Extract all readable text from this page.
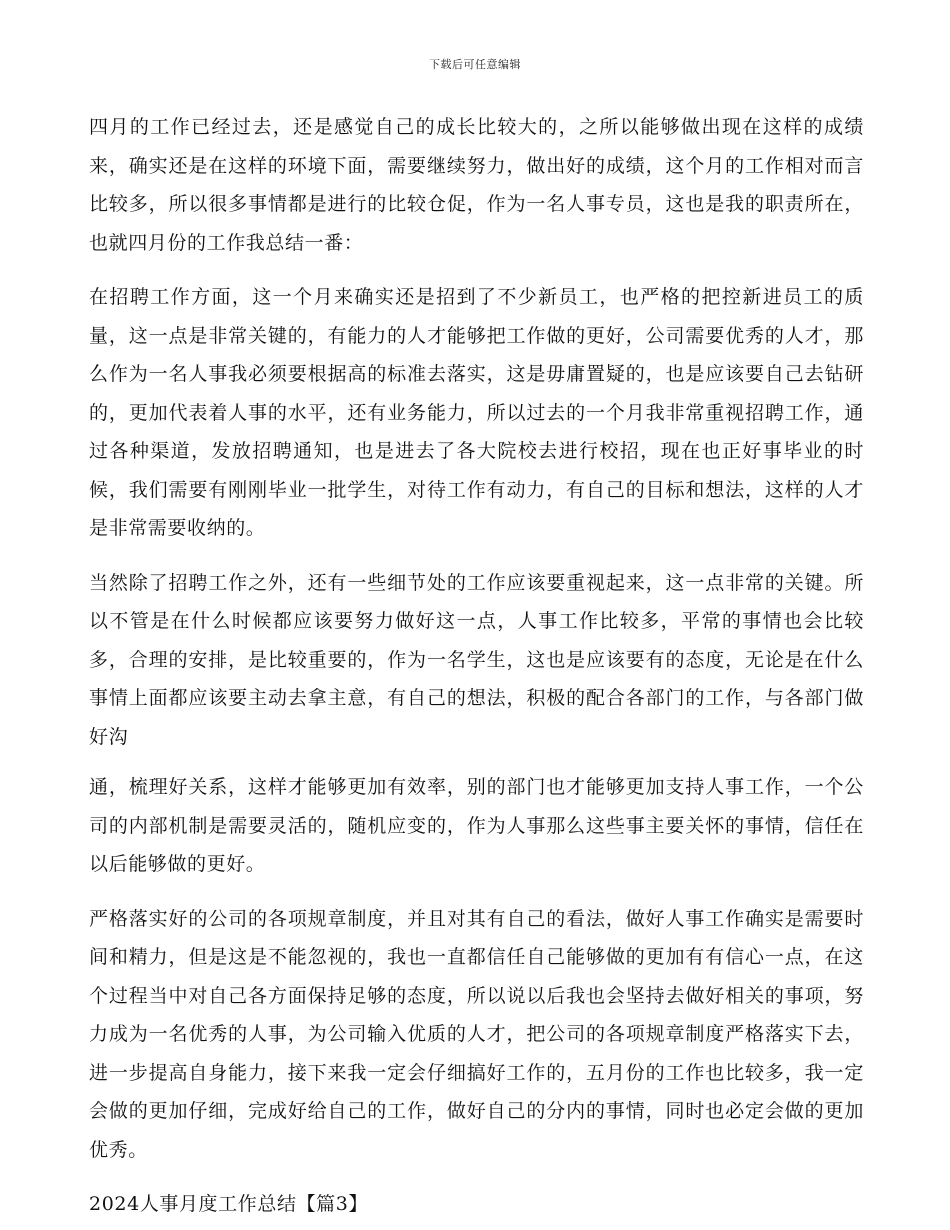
下载后可任意编辑

四月的工作已经过去，还是感觉自己的成长比较大的，之所以能够做出现在这样的成绩来，确实还是在这样的环境下面，需要继续努力，做出好的成绩，这个月的工作相对而言比较多，所以很多事情都是进行的比较仓促，作为一名人事专员，这也是我的职责所在，也就四月份的工作我总结一番：

在招聘工作方面，这一个月来确实还是招到了不少新员工，也严格的把控新进员工的质量，这一点是非常关键的，有能力的人才能够把工作做的更好，公司需要优秀的人才，那么作为一名人事我必须要根据高的标准去落实，这是毋庸置疑的，也是应该要自己去钻研的，更加代表着人事的水平，还有业务能力，所以过去的一个月我非常重视招聘工作，通过各种渠道，发放招聘通知，也是进去了各大院校去进行校招，现在也正好事毕业的时候，我们需要有刚刚毕业一批学生，对待工作有动力，有自己的目标和想法，这样的人才是非常需要收纳的。

当然除了招聘工作之外，还有一些细节处的工作应该要重视起来，这一点非常的关键。所以不管是在什么时候都应该要努力做好这一点，人事工作比较多，平常的事情也会比较多，合理的安排，是比较重要的，作为一名学生，这也是应该要有的态度，无论是在什么事情上面都应该要主动去拿主意，有自己的想法，积极的配合各部门的工作，与各部门做好沟

通，梳理好关系，这样才能够更加有效率，别的部门也才能够更加支持人事工作，一个公司的内部机制是需要灵活的，随机应变的，作为人事那么这些事主要关怀的事情，信任在以后能够做的更好。

严格落实好的公司的各项规章制度，并且对其有自己的看法，做好人事工作确实是需要时间和精力，但是这是不能忽视的，我也一直都信任自己能够做的更加有有信心一点，在这个过程当中对自己各方面保持足够的态度，所以说以后我也会坚持去做好相关的事项，努力成为一名优秀的人事，为公司输入优质的人才，把公司的各项规章制度严格落实下去，进一步提高自身能力，接下来我一定会仔细搞好工作的，五月份的工作也比较多，我一定会做的更加仔细，完成好给自己的工作，做好自己的分内的事情，同时也必定会做的更加优秀。

2024人事月度工作总结【篇3】
